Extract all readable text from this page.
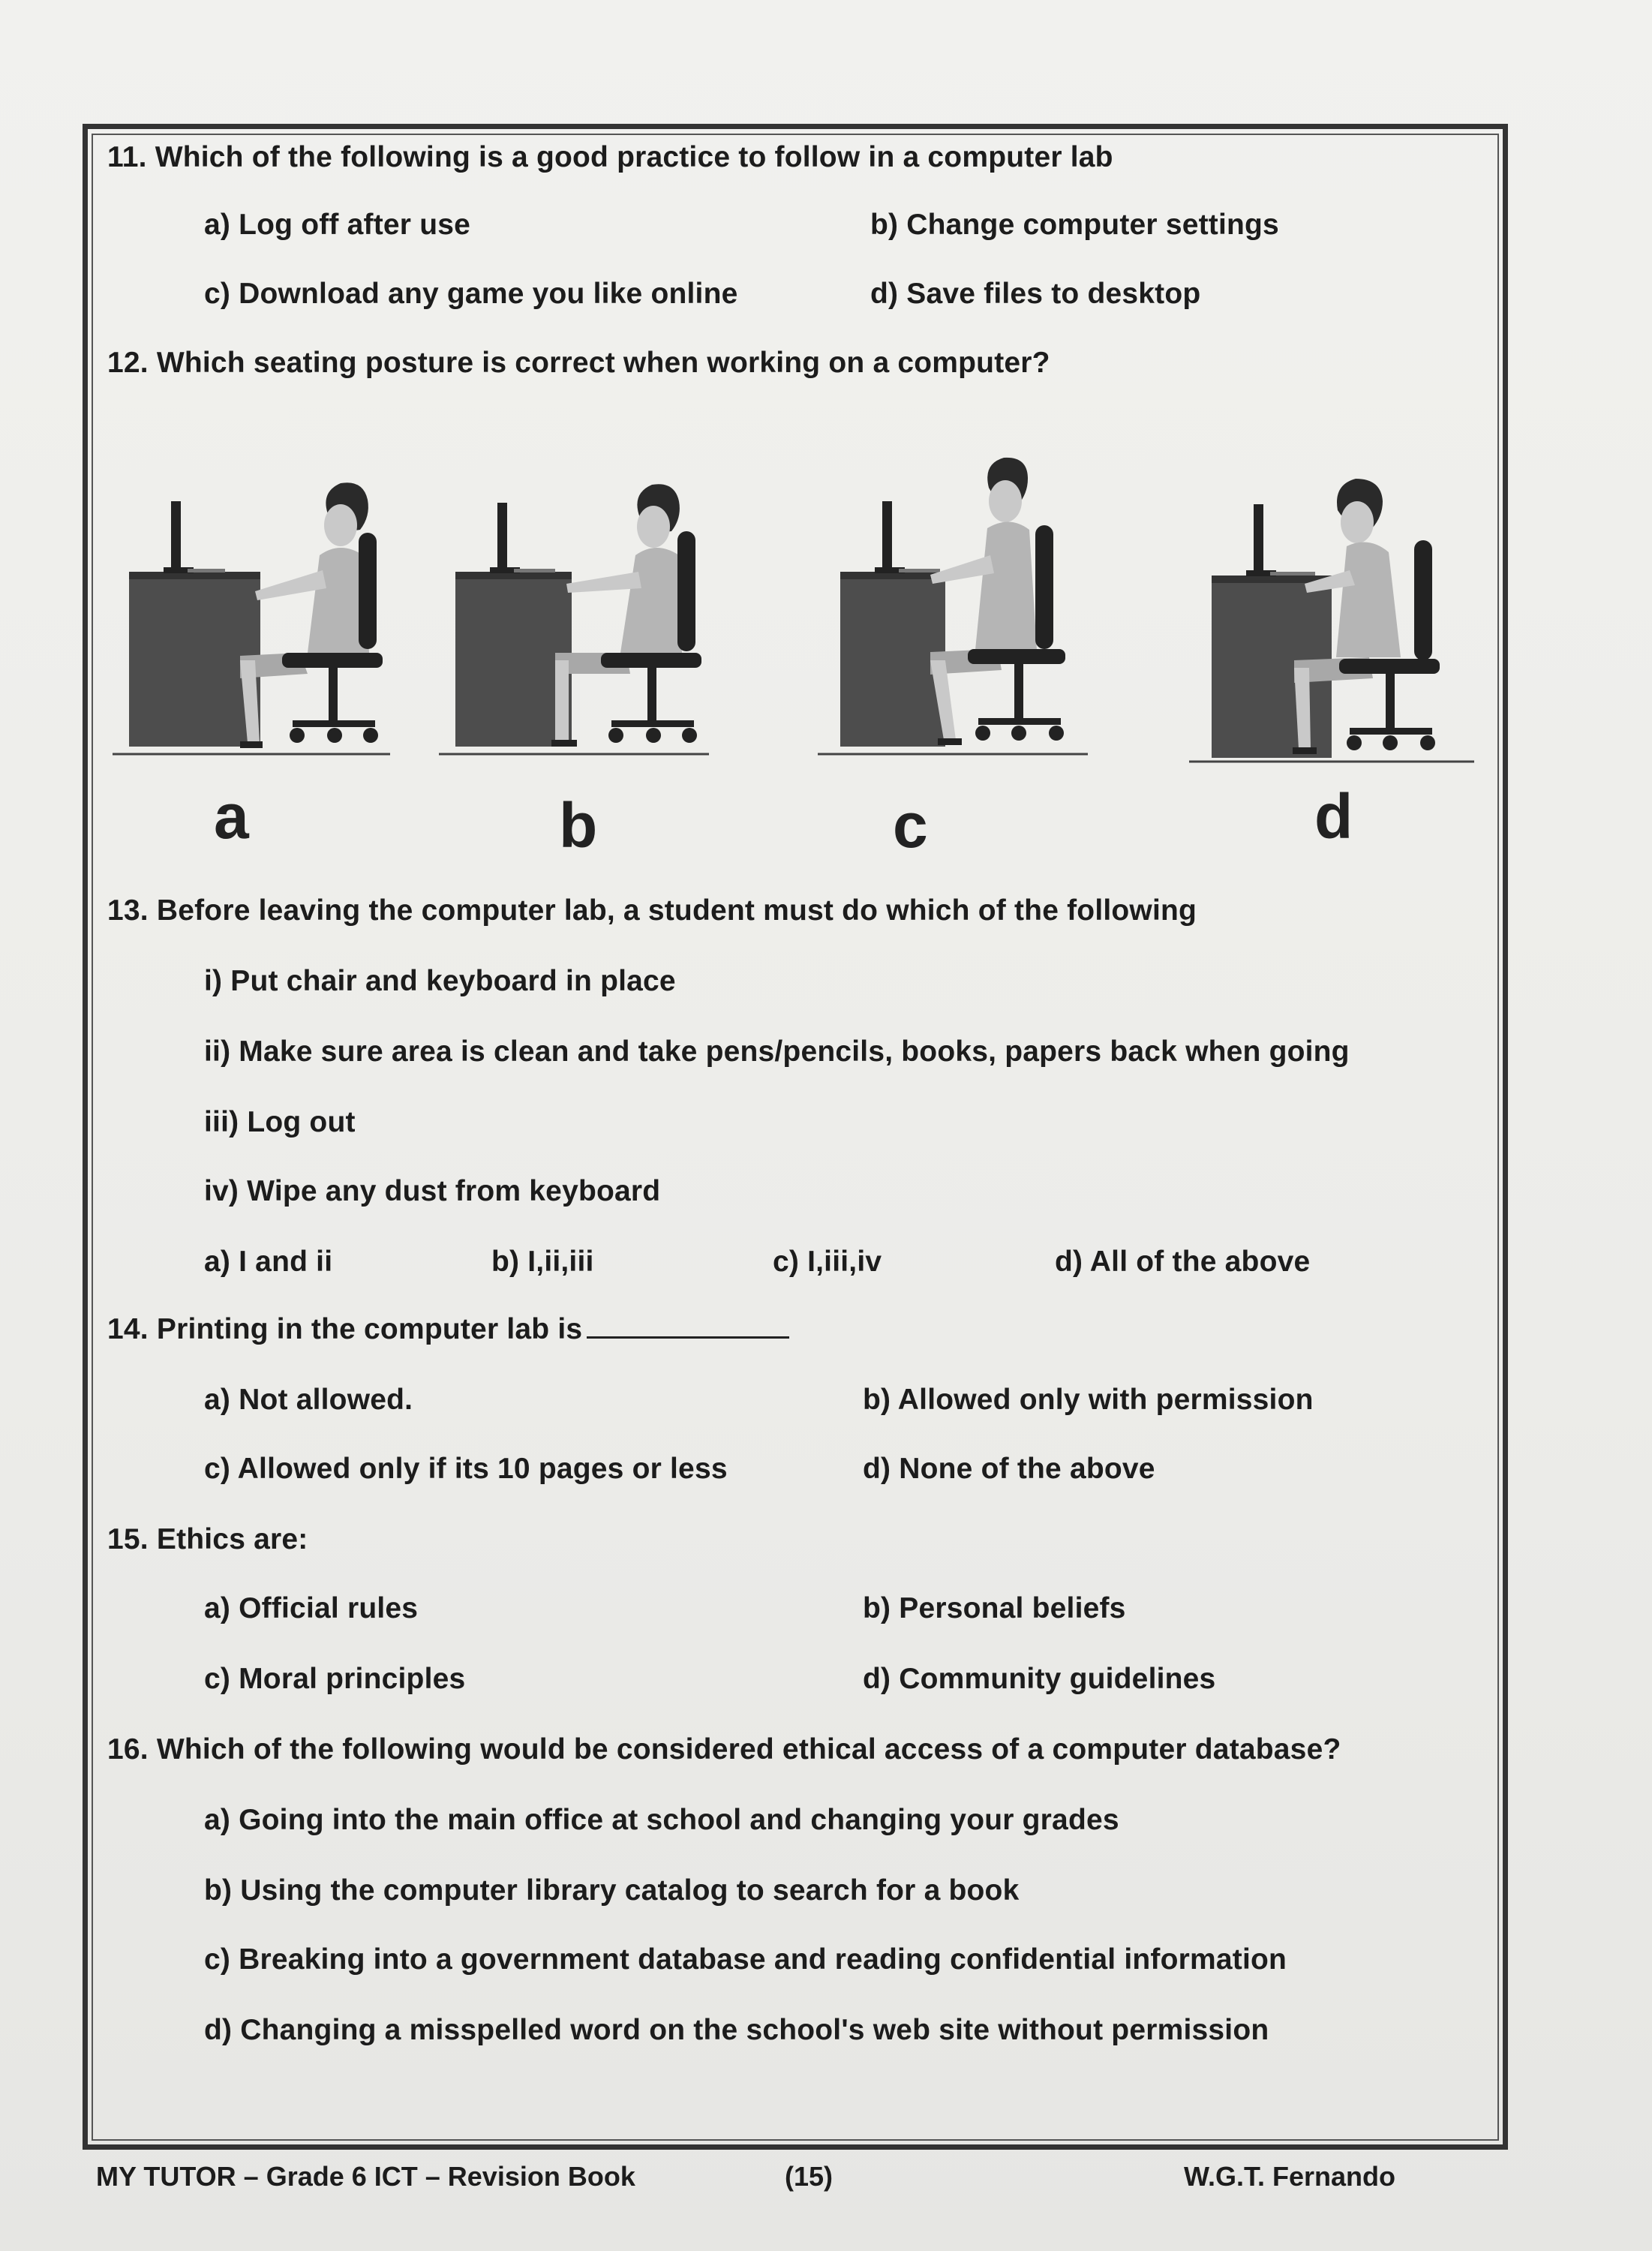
11. Which of the following is a good practice to follow in a computer lab
a) Log off after use	b) Change computer settings
c) Download any game you like online	d) Save files to desktop
12. Which seating posture is correct when working on a computer?
a	b	c	d
13. Before leaving the computer lab, a student must do which of the following
i) Put chair and keyboard in place
ii) Make sure area is clean and take pens/pencils, books, papers back when going
iii) Log out
iv) Wipe any dust from keyboard
a) I and ii	b) I,ii,iii	c) I,iii,iv	d) All of the above
14. Printing in the computer lab is
a) Not allowed.	b) Allowed only with permission
c) Allowed only if its 10 pages or less	d) None of the above
15. Ethics are:
a) Official rules	b) Personal beliefs
c) Moral principles	d) Community guidelines
16. Which of the following would be considered ethical access of a computer database?
a) Going into the main office at school and changing your grades
b) Using the computer library catalog to search for a book
c) Breaking into a government database and reading confidential information
d) Changing a misspelled word on the school's web site without permission
MY TUTOR – Grade 6 ICT – Revision Book	(15)	W.G.T. Fernando
